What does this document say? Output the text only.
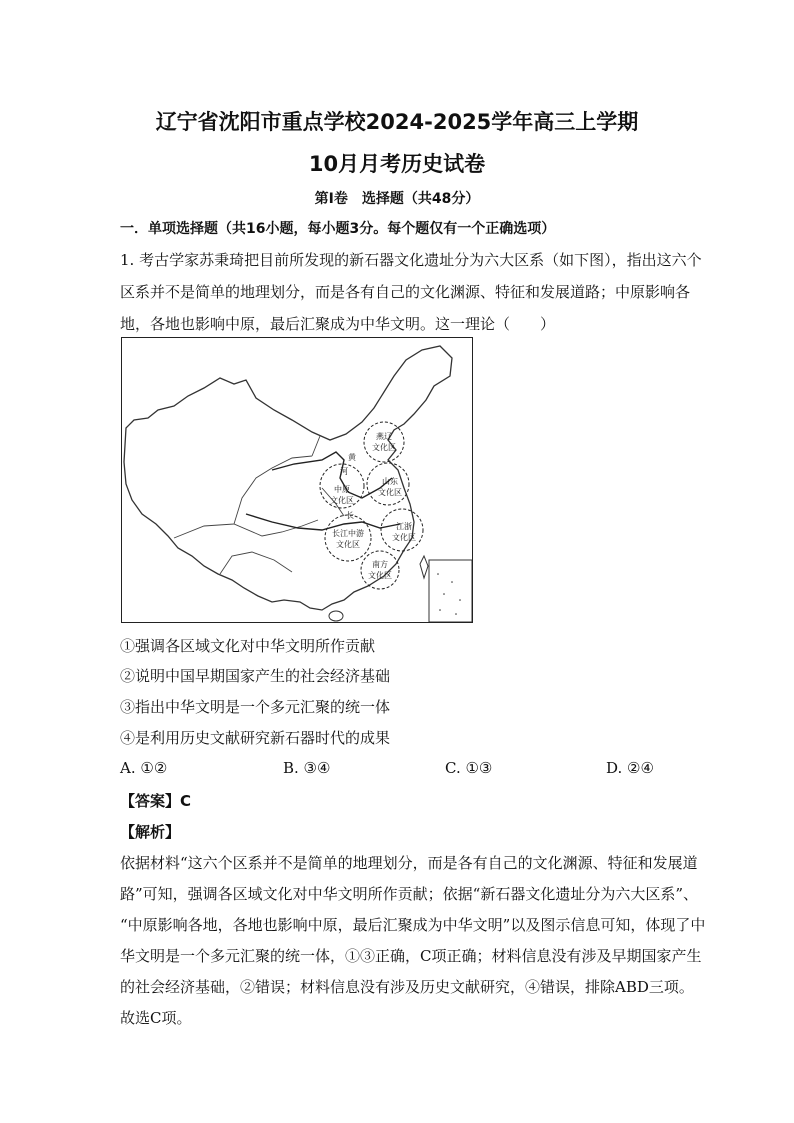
辽宁省沈阳市重点学校2024-2025学年高三上学期
10月月考历史试卷
第Ⅰ卷　选择题（共48分）
一．单项选择题（共16小题，每小题3分。每个题仅有一个正确选项）
1. 考古学家苏秉琦把目前所发现的新石器文化遗址分为六大区系（如下图），指出这六个
区系并不是简单的地理划分，而是各有自己的文化渊源、特征和发展道路；中原影响各
地，各地也影响中原，最后汇聚成为中华文明。这一理论（　　）
燕辽
文化区
中原
文化区
山东
文化区
江浙
文化区
长江中游
文化区
南方
文化区
黄
河
长
①强调各区域文化对中华文明所作贡献
②说明中国早期国家产生的社会经济基础
③指出中华文明是一个多元汇聚的统一体
④是利用历史文献研究新石器时代的成果
A. ①②	B. ③④	C. ①③	D. ②④
【答案】C
【解析】
依据材料“这六个区系并不是简单的地理划分，而是各有自己的文化渊源、特征和发展道
路”可知，强调各区域文化对中华文明所作贡献；依据“新石器文化遗址分为六大区系”、
“中原影响各地，各地也影响中原，最后汇聚成为中华文明”以及图示信息可知，体现了中
华文明是一个多元汇聚的统一体，①③正确，C项正确；材料信息没有涉及早期国家产生
的社会经济基础，②错误；材料信息没有涉及历史文献研究，④错误，排除ABD三项。
故选C项。
